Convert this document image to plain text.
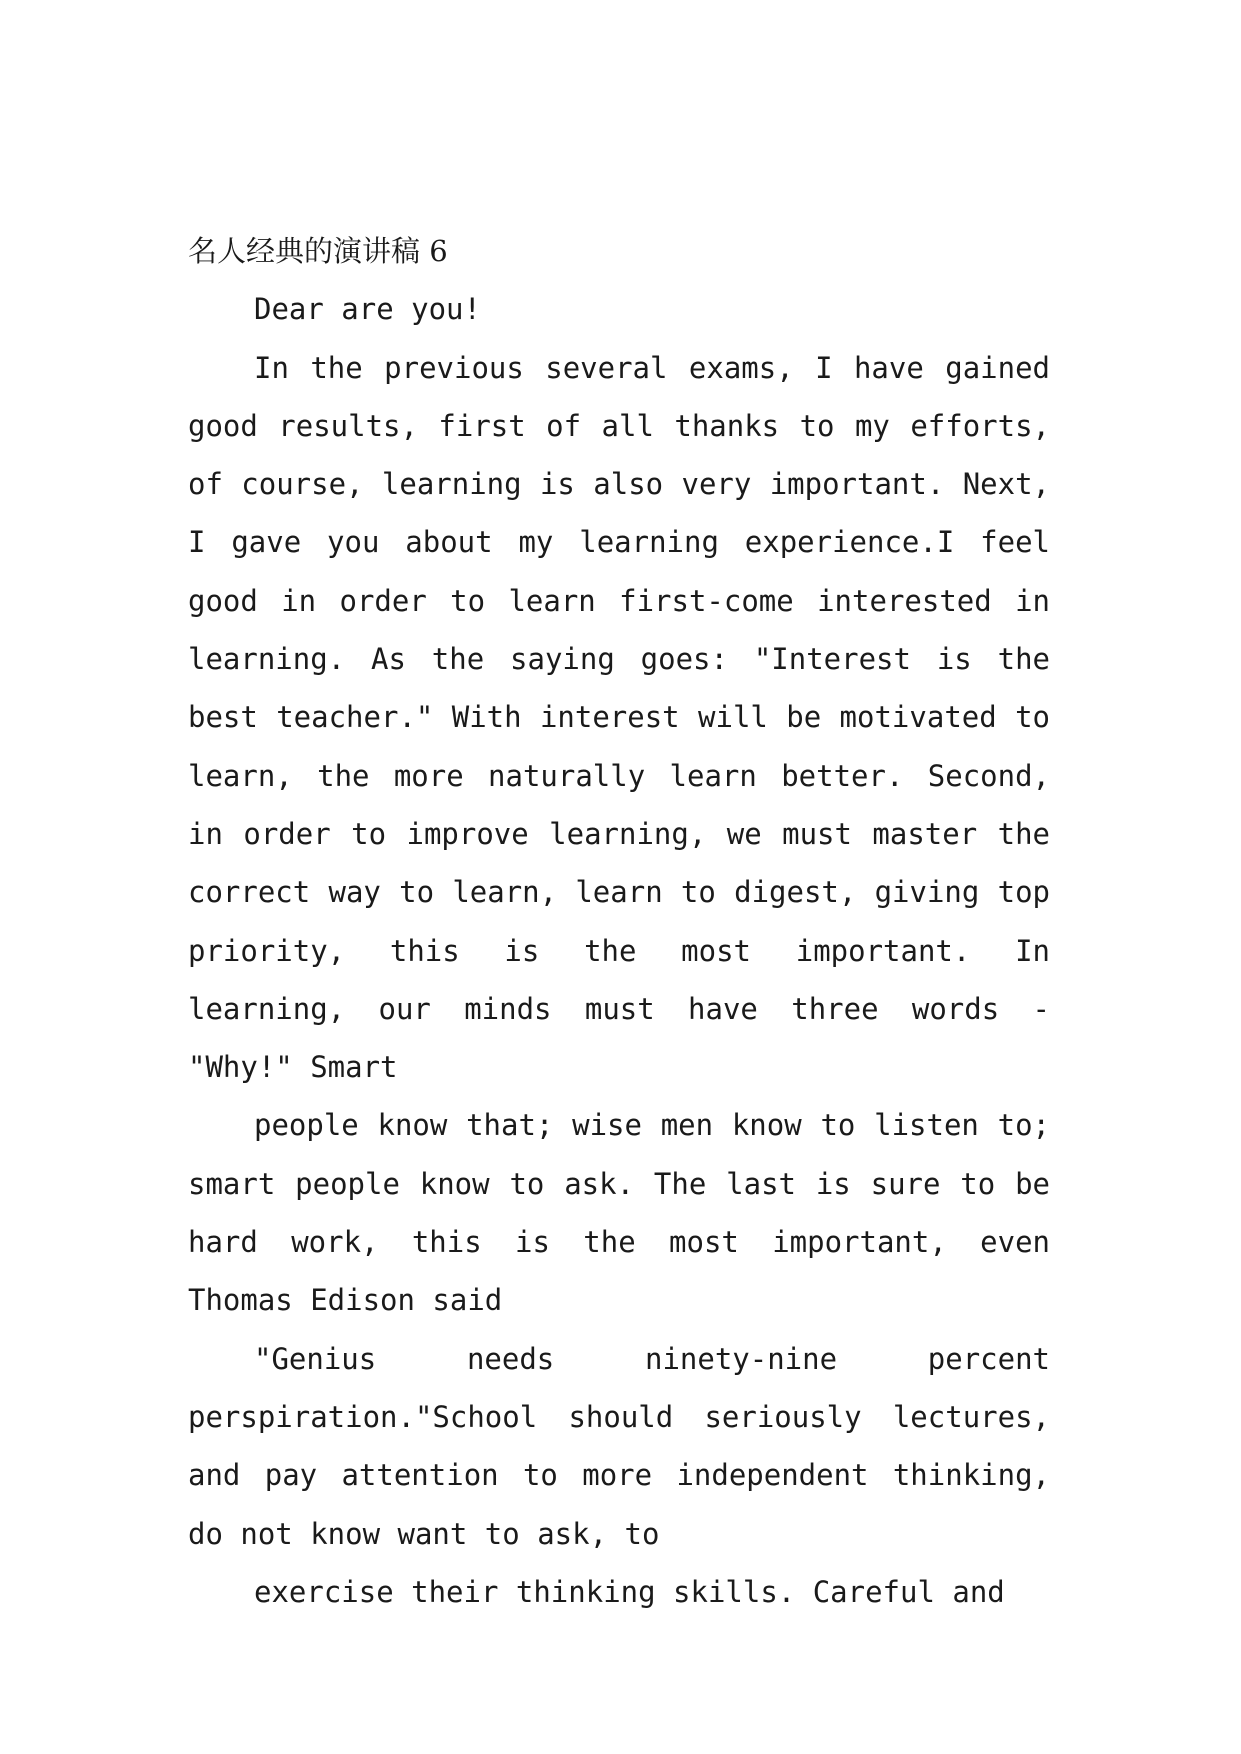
名人经典的演讲稿 6

Dear are you!

In the previous several exams, I have gained good results, first of all thanks to my efforts, of course, learning is also very important. Next, I gave you about my learning experience.I feel good in order to learn first-come interested in learning. As the saying goes: "Interest is the best teacher." With interest will be motivated to learn, the more naturally learn better. Second, in order to improve learning, we must master the correct way to learn, learn to digest, giving top priority, this is the most important. In learning, our minds must have three words - "Why!" Smart

people know that; wise men know to listen to; smart people know to ask. The last is sure to be hard work, this is the most important, even Thomas Edison said

"Genius needs ninety-nine percent perspiration."School should seriously lectures, and pay attention to more independent thinking, do not know want to ask, to

exercise their thinking skills. Careful and
